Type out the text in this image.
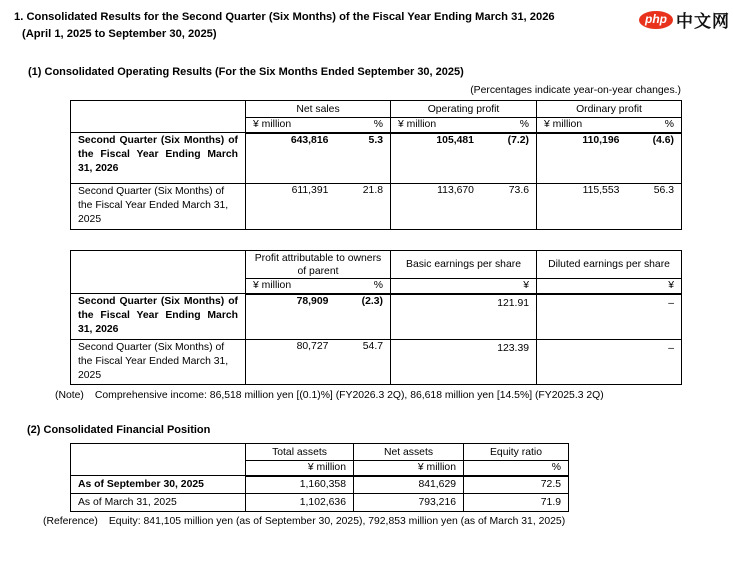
php 中文网
1. Consolidated Results for the Second Quarter (Six Months) of the Fiscal Year Ending March 31, 2026
(April 1, 2025 to September 30, 2025)
(1) Consolidated Operating Results (For the Six Months Ended September 30, 2025)
(Percentages indicate year-on-year changes.)
	Net sales	Operating profit	Ordinary profit

	¥ million %	¥ million %	¥ million %

Second Quarter (Six Months) of the Fiscal Year Ending March 31, 2026	643,816 5.3	105,481 (7.2)	110,196 (4.6)

Second Quarter (Six Months) of the Fiscal Year Ended March 31, 2025	611,391 21.8	113,670 73.6	115,553 56.3
	Profit attributable to owners of parent	Basic earnings per share	Diluted earnings per share

	¥ million %	¥	¥
Second Quarter (Six Months) of the Fiscal Year Ending March 31, 2026	78,909 (2.3)	121.91	–
Second Quarter (Six Months) of the Fiscal Year Ended March 31, 2025	80,727 54.7	123.39	–
(Note) Comprehensive income: 86,518 million yen [(0.1)%] (FY2026.3 2Q), 86,618 million yen [14.5%] (FY2025.3 2Q)
(2) Consolidated Financial Position
	Total assets	Net assets	Equity ratio
	¥ million	¥ million	%
As of September 30, 2025	1,160,358	841,629	72.5
As of March 31, 2025	1,102,636	793,216	71.9
(Reference) Equity: 841,105 million yen (as of September 30, 2025), 792,853 million yen (as of March 31, 2025)
